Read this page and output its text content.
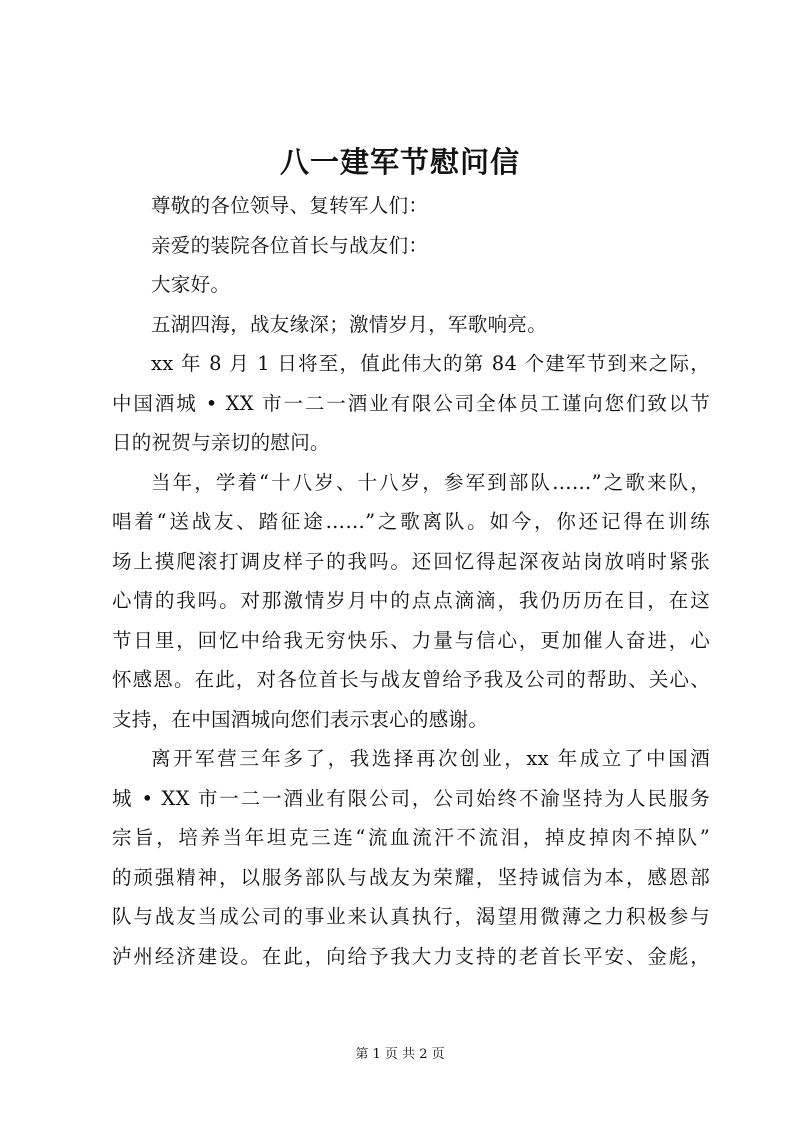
八一建军节慰问信

尊敬的各位领导、复转军人们：

亲爱的装院各位首长与战友们：

大家好。

五湖四海，战友缘深；激情岁月，军歌响亮。

xx 年 8 月 1 日将至，值此伟大的第 84 个建军节到来之际，
中国酒城 • XX 市一二一酒业有限公司全体员工谨向您们致以节
日的祝贺与亲切的慰问。

当年，学着“十八岁、十八岁，参军到部队……”之歌来队，
唱着“送战友、踏征途……”之歌离队。如今，你还记得在训练
场上摸爬滚打调皮样子的我吗。还回忆得起深夜站岗放哨时紧张
心情的我吗。对那激情岁月中的点点滴滴，我仍历历在目，在这
节日里，回忆中给我无穷快乐、力量与信心，更加催人奋进，心
怀感恩。在此，对各位首长与战友曾给予我及公司的帮助、关心、
支持，在中国酒城向您们表示衷心的感谢。

离开军营三年多了，我选择再次创业，xx 年成立了中国酒
城 • XX 市一二一酒业有限公司，公司始终不渝坚持为人民服务
宗旨，培养当年坦克三连“流血流汗不流泪，掉皮掉肉不掉队”
的顽强精神，以服务部队与战友为荣耀，坚持诚信为本，感恩部
队与战友当成公司的事业来认真执行，渴望用微薄之力积极参与
泸州经济建设。在此，向给予我大力支持的老首长平安、金彪，

第 1 页 共 2 页
